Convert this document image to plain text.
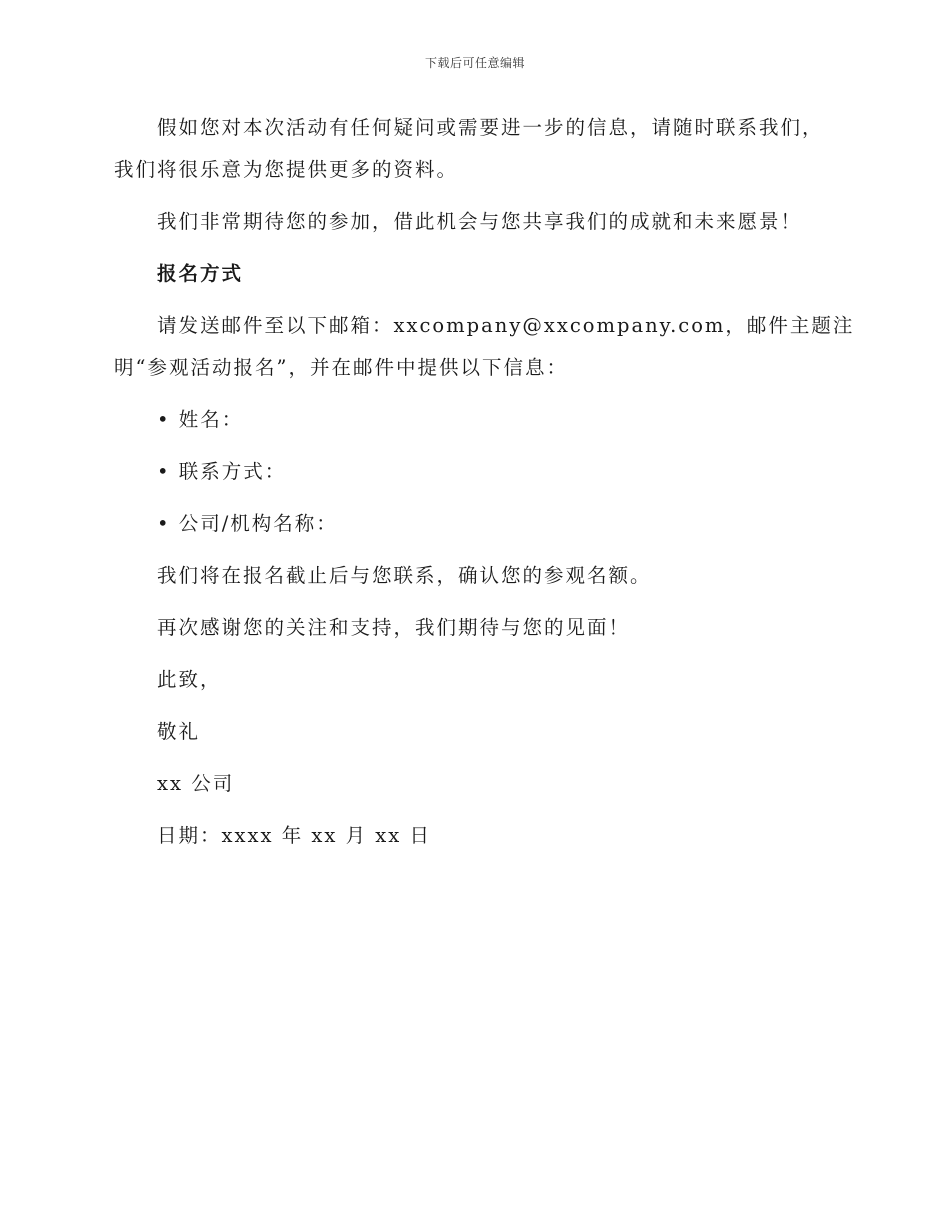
下载后可任意编辑
假如您对本次活动有任何疑问或需要进一步的信息，请随时联系我们，
我们将很乐意为您提供更多的资料。
我们非常期待您的参加，借此机会与您共享我们的成就和未来愿景！
报名方式
请发送邮件至以下邮箱：xxcompany@xxcompany.com，邮件主题注
明“参观活动报名”，并在邮件中提供以下信息：
• 姓名：
• 联系方式：
• 公司/机构名称：
我们将在报名截止后与您联系，确认您的参观名额。
再次感谢您的关注和支持，我们期待与您的见面！
此致，
敬礼
xx 公司
日期：xxxx 年 xx 月 xx 日
